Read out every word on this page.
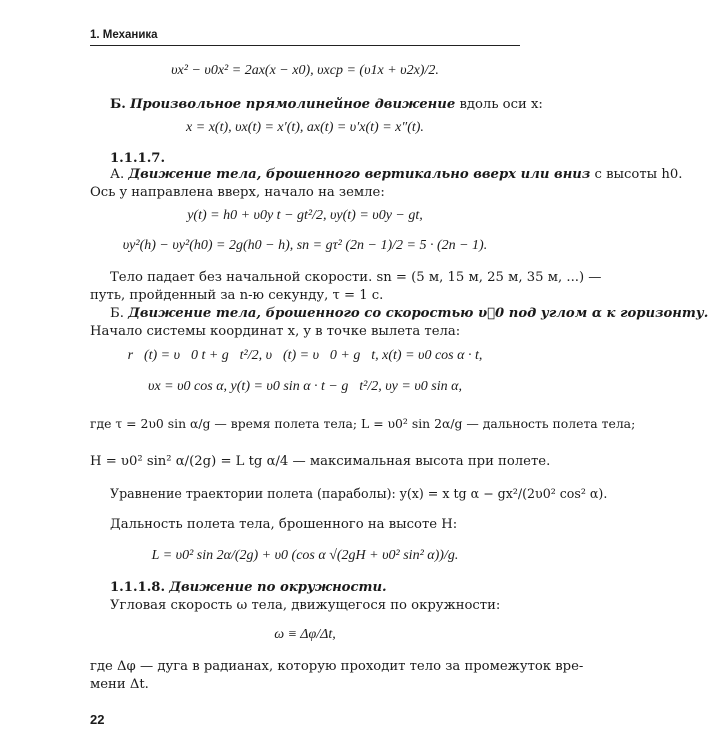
1. Механика
υx² − υ0x² = 2ax(x − x0), υxср = (υ1x + υ2x)/2.
Б. Произвольное прямолинейное движение вдоль оси x:
x = x(t), υx(t) = x′(t), ax(t) = υ′x(t) = x″(t).
1.1.1.7.
А. Движение тела, брошенного вертикально вверх или вниз с высоты h0.
Ось y направлена вверх, начало на земле:
y(t) = h0 + υ0y t − gt²/2, υy(t) = υ0y − gt,
υy²(h) − υy²(h0) = 2g(h0 − h), sn = gτ² (2n − 1)/2 = 5 · (2n − 1).
Тело падает без начальной скорости. sn = (5 м, 15 м, 25 м, 35 м, ...) —
путь, пройденный за n-ю секунду, τ = 1 с.
Б. Движение тела, брошенного со скоростью υ⃗0 под углом α к горизонту.
Начало системы координат x, y в точке вылета тела:
r⃗(t) = υ⃗0 t + g⃗t²/2, υ⃗(t) = υ⃗0 + g⃗t, x(t) = υ0 cos α · t,
υx = υ0 cos α, y(t) = υ0 sin α · t − g⃗t²/2, υy = υ0 sin α,
где τ = 2υ0 sin α/g — время полета тела; L = υ0² sin 2α/g — дальность полета тела;
H = υ0² sin² α/(2g) = L tg α/4 — максимальная высота при полете.
Уравнение траектории полета (параболы): y(x) = x tg α − gx²/(2υ0² cos² α).
Дальность полета тела, брошенного на высоте H:
L = υ0² sin 2α/(2g) + υ0 (cos α √(2gH + υ0² sin² α))/g.
1.1.1.8. Движение по окружности.
Угловая скорость ω тела, движущегося по окружности:
ω ≡ Δφ/Δt,
где Δφ — дуга в радианах, которую проходит тело за промежуток вре-
мени Δt.
22
